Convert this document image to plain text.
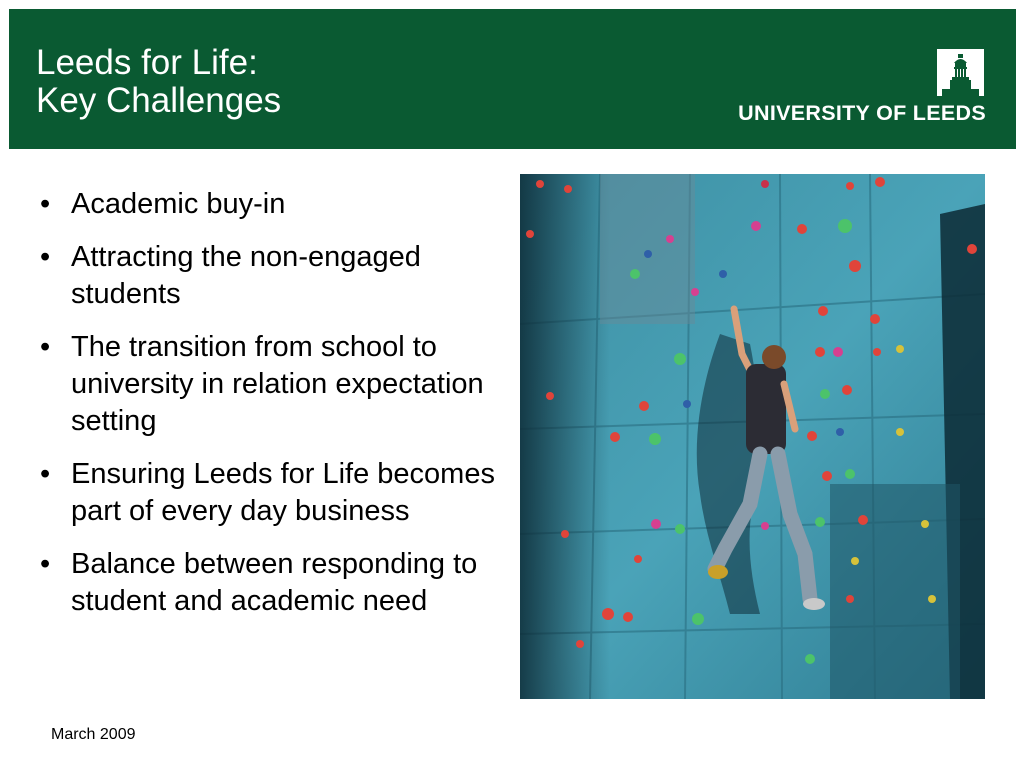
Leeds for Life:
Key Challenges	UNIVERSITY OF LEEDS
• Academic buy-in
• Attracting the non-engaged students
• The transition from school to university in relation expectation setting
• Ensuring Leeds for Life becomes part of every day business
• Balance between responding to student and academic need
March 2009
